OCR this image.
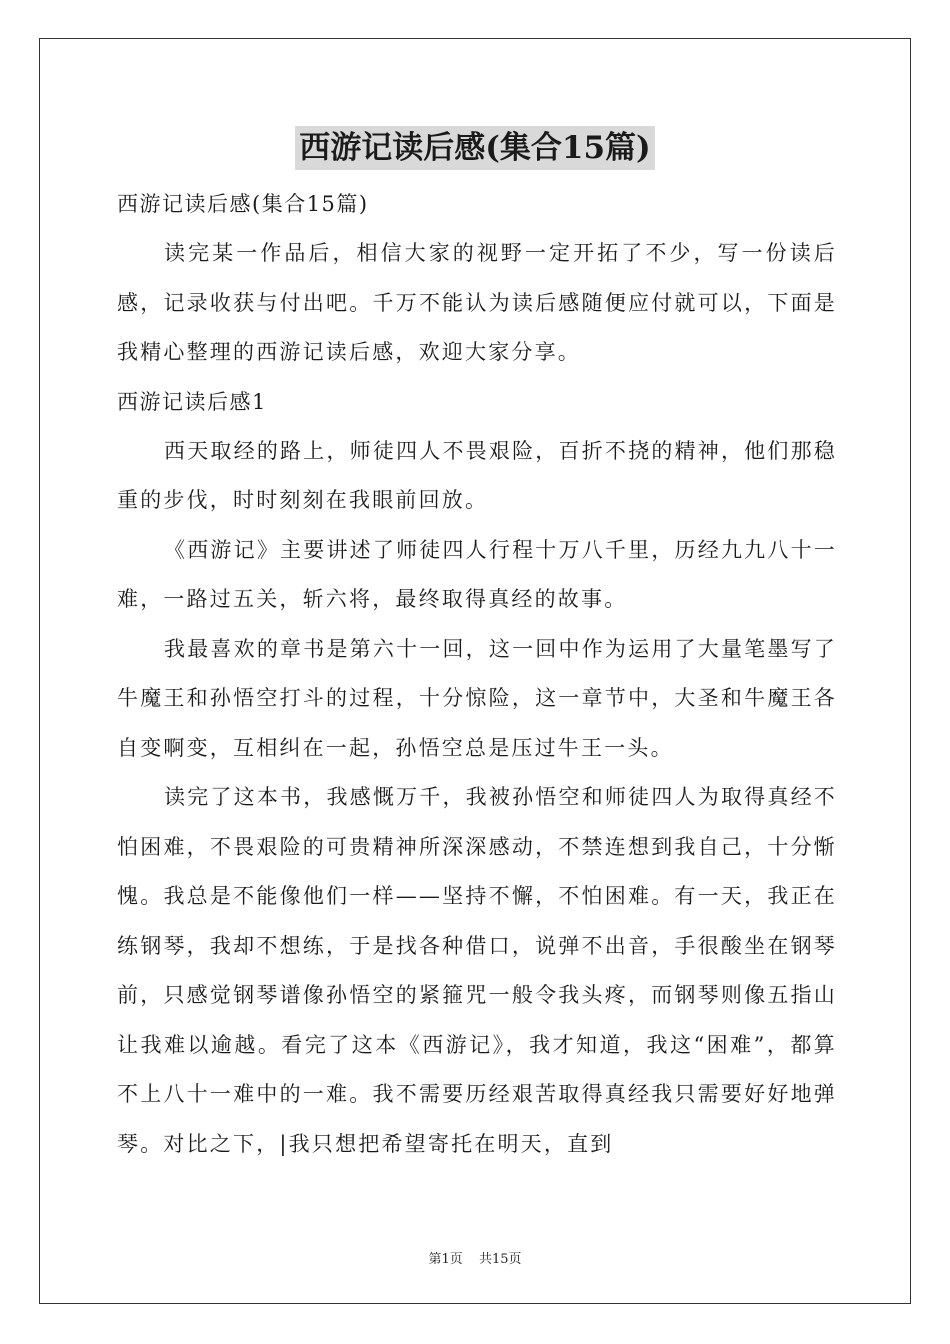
西游记读后感(集合15篇)

西游记读后感(集合15篇)

读完某一作品后，相信大家的视野一定开拓了不少，写一份读后感，记录收获与付出吧。千万不能认为读后感随便应付就可以，下面是我精心整理的西游记读后感，欢迎大家分享。

西游记读后感1

西天取经的路上，师徒四人不畏艰险，百折不挠的精神，他们那稳重的步伐，时时刻刻在我眼前回放。

《西游记》主要讲述了师徒四人行程十万八千里，历经九九八十一难，一路过五关，斩六将，最终取得真经的故事。

我最喜欢的章书是第六十一回，这一回中作为运用了大量笔墨写了牛魔王和孙悟空打斗的过程，十分惊险，这一章节中，大圣和牛魔王各自变啊变，互相纠在一起，孙悟空总是压过牛王一头。

读完了这本书，我感慨万千，我被孙悟空和师徒四人为取得真经不怕困难，不畏艰险的可贵精神所深深感动，不禁连想到我自己，十分惭愧。我总是不能像他们一样——坚持不懈，不怕困难。有一天，我正在练钢琴，我却不想练，于是找各种借口，说弹不出音，手很酸坐在钢琴前，只感觉钢琴谱像孙悟空的紧箍咒一般令我头疼，而钢琴则像五指山让我难以逾越。看完了这本《西游记》，我才知道，我这“困难”，都算不上八十一难中的一难。我不需要历经艰苦取得真经我只需要好好地弹琴。对比之下，|我只想把希望寄托在明天，直到

第1页 共15页
